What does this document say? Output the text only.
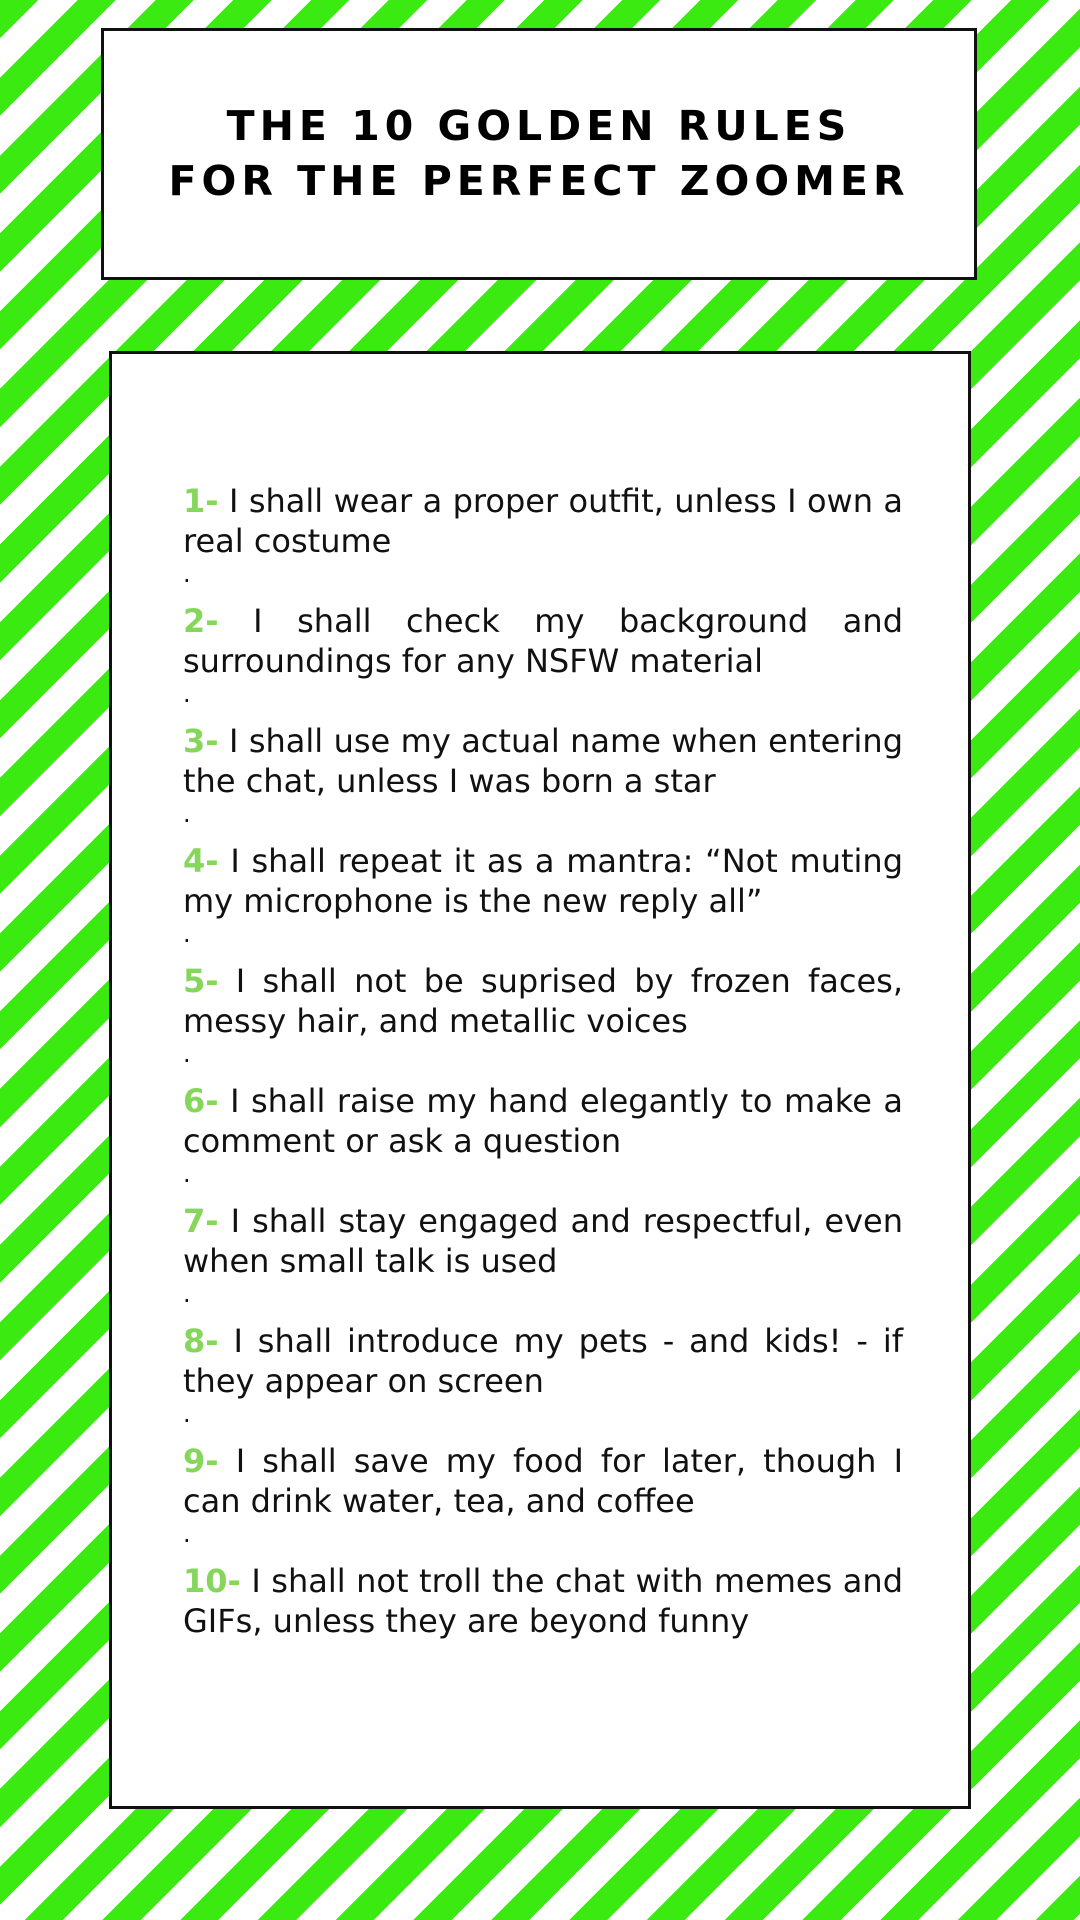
THE 10 GOLDEN RULES
FOR THE PERFECT ZOOMER

1- I shall wear a proper outfit, unless I own a real costume

·

2- I shall check my background and surroundings for any NSFW material

·

3- I shall use my actual name when entering the chat, unless I was born a star

·

4- I shall repeat it as a mantra: “Not muting my microphone is the new reply all”

·

5- I shall not be suprised by frozen faces, messy hair, and metallic voices

·

6- I shall raise my hand elegantly to make a comment or ask a question

·

7- I shall stay engaged and respectful, even when small talk is used

·

8- I shall introduce my pets - and kids! - if they appear on screen

·

9- I shall save my food for later, though I can drink water, tea, and coffee

·

10- I shall not troll the chat with memes and GIFs, unless they are beyond funny
